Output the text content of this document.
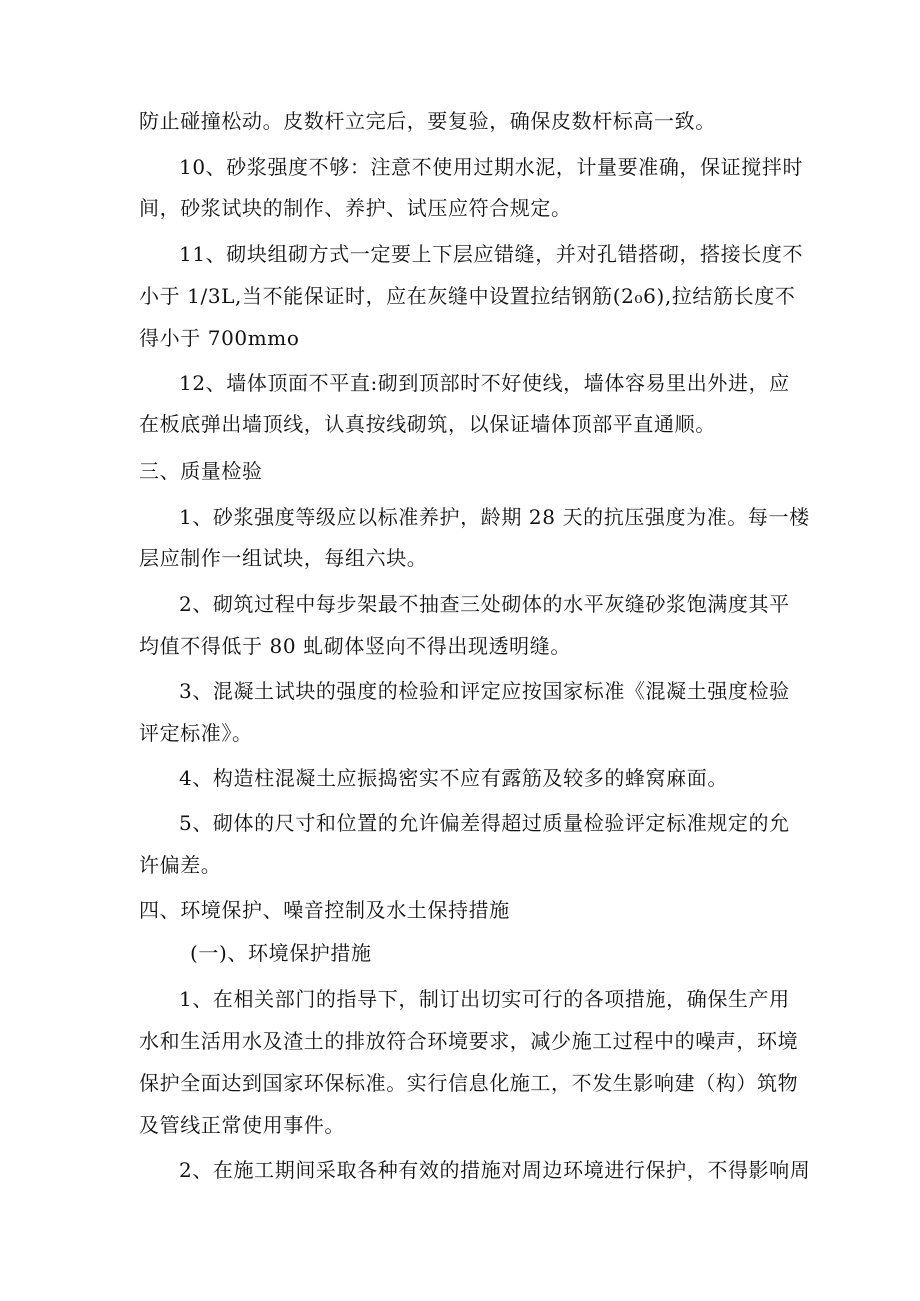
防止碰撞松动。皮数杆立完后，要复验，确保皮数杆标高一致。
10、砂浆强度不够：注意不使用过期水泥，计量要准确，保证搅拌时
间，砂浆试块的制作、养护、试压应符合规定。
11、砌块组砌方式一定要上下层应错缝，并对孔错搭砌，搭接长度不
小于 1/3L,当不能保证时，应在灰缝中设置拉结钢筋(2₀6),拉结筋长度不
得小于 700mmo
12、墙体顶面不平直:砌到顶部时不好使线，墙体容易里出外进，应
在板底弹出墙顶线，认真按线砌筑，以保证墙体顶部平直通顺。
三、质量检验
1、砂浆强度等级应以标准养护，龄期 28 天的抗压强度为准。每一楼
层应制作一组试块，每组六块。
2、砌筑过程中每步架最不抽查三处砌体的水平灰缝砂浆饱满度其平
均值不得低于 80 虬砌体竖向不得出现透明缝。
3、混凝土试块的强度的检验和评定应按国家标准《混凝土强度检验
评定标准》。
4、构造柱混凝土应振捣密实不应有露筋及较多的蜂窝麻面。
5、砌体的尺寸和位置的允许偏差得超过质量检验评定标准规定的允
许偏差。
四、环境保护、噪音控制及水土保持措施
(一)、环境保护措施
1、在相关部门的指导下，制订出切实可行的各项措施，确保生产用
水和生活用水及渣土的排放符合环境要求，减少施工过程中的噪声，环境
保护全面达到国家环保标准。实行信息化施工，不发生影响建（构）筑物
及管线正常使用事件。
2、在施工期间采取各种有效的措施对周边环境进行保护，不得影响周
